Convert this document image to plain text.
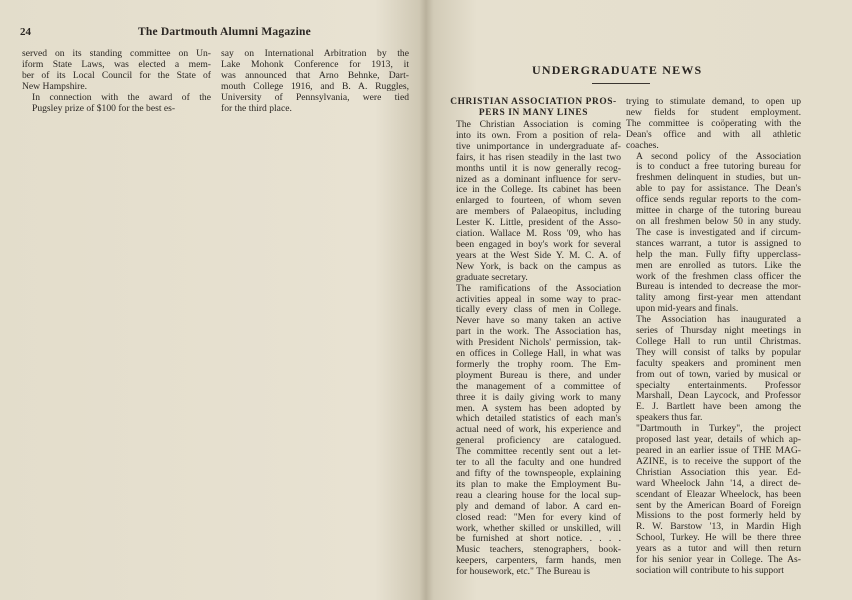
24	The Dartmouth Alumni Magazine

served on its standing committee on Un-
iform State Laws, was elected a mem-
ber of its Local Council for the State of
New Hampshire.

In connection with the award of the
Pugsley prize of $100 for the best es-

say on International Arbitration by the
Lake Mohonk Conference for 1913, it
was announced that Arno Behnke, Dart-
mouth College 1916, and B. A. Ruggles,
University of Pennsylvania, were tied
for the third place.

UNDERGRADUATE NEWS
CHRISTIAN ASSOCIATION PROS-
PERS IN MANY LINES

The Christian Association is coming
into its own. From a position of rela-
tive unimportance in undergraduate af-
fairs, it has risen steadily in the last two
months until it is now generally recog-
nized as a dominant influence for serv-
ice in the College. Its cabinet has been
enlarged to fourteen, of whom seven
are members of Palaeopitus, including
Lester K. Little, president of the Asso-
ciation. Wallace M. Ross '09, who has
been engaged in boy's work for several
years at the West Side Y. M. C. A. of
New York, is back on the campus as
graduate secretary.

The ramifications of the Association
activities appeal in some way to prac-
tically every class of men in College.
Never have so many taken an active
part in the work. The Association has,
with President Nichols' permission, tak-
en offices in College Hall, in what was
formerly the trophy room. The Em-
ployment Bureau is there, and under
the management of a committee of
three it is daily giving work to many
men. A system has been adopted by
which detailed statistics of each man's
actual need of work, his experience and
general proficiency are catalogued.
The committee recently sent out a let-
ter to all the faculty and one hundred
and fifty of the townspeople, explaining
its plan to make the Employment Bu-
reau a clearing house for the local sup-
ply and demand of labor. A card en-
closed read: "Men for every kind of
work, whether skilled or unskilled, will
be furnished at short notice. . . . .
Music teachers, stenographers, book-
keepers, carpenters, farm hands, men
for housework, etc." The Bureau is

trying to stimulate demand, to open up
new fields for student employment.
The committee is coöperating with the
Dean's office and with all athletic
coaches.

A second policy of the Association
is to conduct a free tutoring bureau for
freshmen delinquent in studies, but un-
able to pay for assistance. The Dean's
office sends regular reports to the com-
mittee in charge of the tutoring bureau
on all freshmen below 50 in any study.
The case is investigated and if circum-
stances warrant, a tutor is assigned to
help the man. Fully fifty upperclass-
men are enrolled as tutors. Like the
work of the freshmen class officer the
Bureau is intended to decrease the mor-
tality among first-year men attendant
upon mid-years and finals.

The Association has inaugurated a
series of Thursday night meetings in
College Hall to run until Christmas.
They will consist of talks by popular
faculty speakers and prominent men
from out of town, varied by musical or
specialty entertainments. Professor
Marshall, Dean Laycock, and Professor
E. J. Bartlett have been among the
speakers thus far.

"Dartmouth in Turkey", the project
proposed last year, details of which ap-
peared in an earlier issue of THE MAG-
AZINE, is to receive the support of the
Christian Association this year. Ed-
ward Wheelock Jahn '14, a direct de-
scendant of Eleazar Wheelock, has been
sent by the American Board of Foreign
Missions to the post formerly held by
R. W. Barstow '13, in Mardin High
School, Turkey. He will be there three
years as a tutor and will then return
for his senior year in College. The As-
sociation will contribute to his support
